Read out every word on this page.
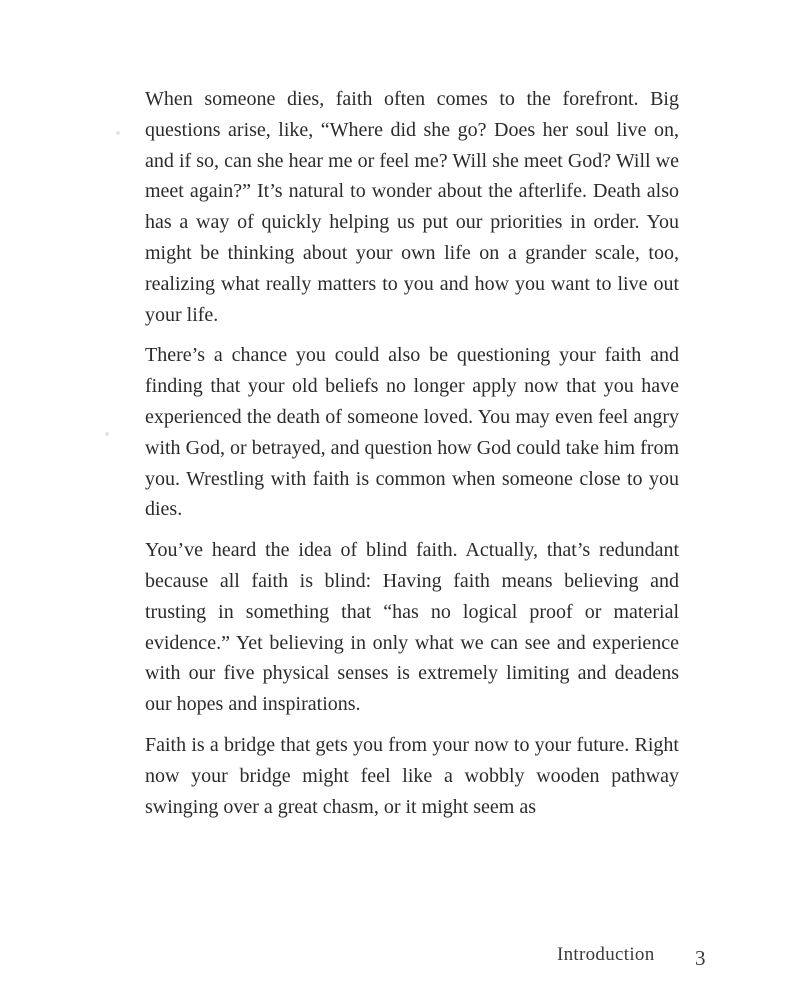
When someone dies, faith often comes to the forefront. Big questions arise, like, “Where did she go? Does her soul live on, and if so, can she hear me or feel me? Will she meet God? Will we meet again?” It’s natural to wonder about the afterlife. Death also has a way of quickly helping us put our priorities in order. You might be thinking about your own life on a grander scale, too, realizing what really matters to you and how you want to live out your life.

There’s a chance you could also be questioning your faith and finding that your old beliefs no longer apply now that you have experienced the death of someone loved. You may even feel angry with God, or betrayed, and question how God could take him from you. Wrestling with faith is common when someone close to you dies.

You’ve heard the idea of blind faith. Actually, that’s redundant because all faith is blind: Having faith means believing and trusting in something that “has no logical proof or material evidence.” Yet believing in only what we can see and experience with our five physical senses is extremely limiting and deadens our hopes and inspirations.

Faith is a bridge that gets you from your now to your future. Right now your bridge might feel like a wobbly wooden pathway swinging over a great chasm, or it might seem as

Introduction 3
